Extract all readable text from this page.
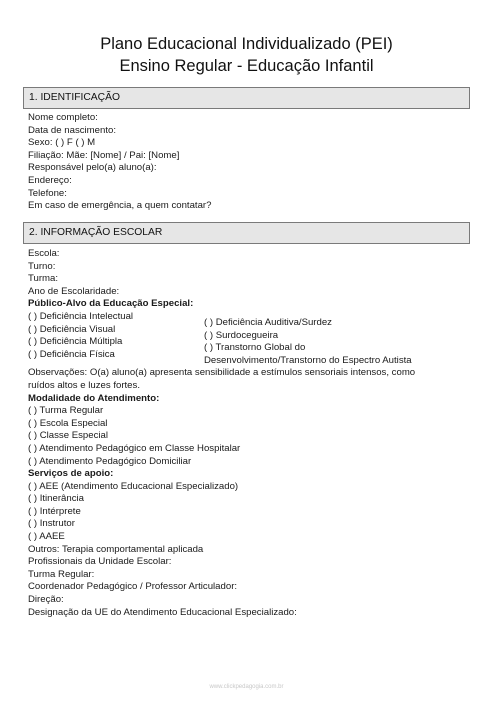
Plano Educacional Individualizado (PEI)
Ensino Regular - Educação Infantil
1. IDENTIFICAÇÃO
Nome completo:
Data de nascimento:
Sexo: ( ) F ( ) M
Filiação: Mãe: [Nome] / Pai: [Nome]
Responsável pelo(a) aluno(a):
Endereço:
Telefone:
Em caso de emergência, a quem contatar?
2. INFORMAÇÃO ESCOLAR
Escola:
Turno:
Turma:
Ano de Escolaridade:
Público-Alvo da Educação Especial:
( ) Deficiência Intelectual
( ) Deficiência Visual
( ) Deficiência Múltipla
( ) Deficiência Física
( ) Deficiência Auditiva/Surdez
( ) Surdocegueira
( ) Transtorno Global do
Desenvolvimento/Transtorno do Espectro Autista
Observações: O(a) aluno(a) apresenta sensibilidade a estímulos sensoriais intensos, como ruídos altos e luzes fortes.
Modalidade do Atendimento:
( ) Turma Regular
( ) Escola Especial
( ) Classe Especial
( ) Atendimento Pedagógico em Classe Hospitalar
( ) Atendimento Pedagógico Domiciliar
Serviços de apoio:
( ) AEE (Atendimento Educacional Especializado)
( ) Itinerância
( ) Intérprete
( ) Instrutor
( ) AAEE
Outros: Terapia comportamental aplicada
Profissionais da Unidade Escolar:
Turma Regular:
Coordenador Pedagógico / Professor Articulador:
Direção:
Designação da UE do Atendimento Educacional Especializado:
www.clickpedagogia.com.br
